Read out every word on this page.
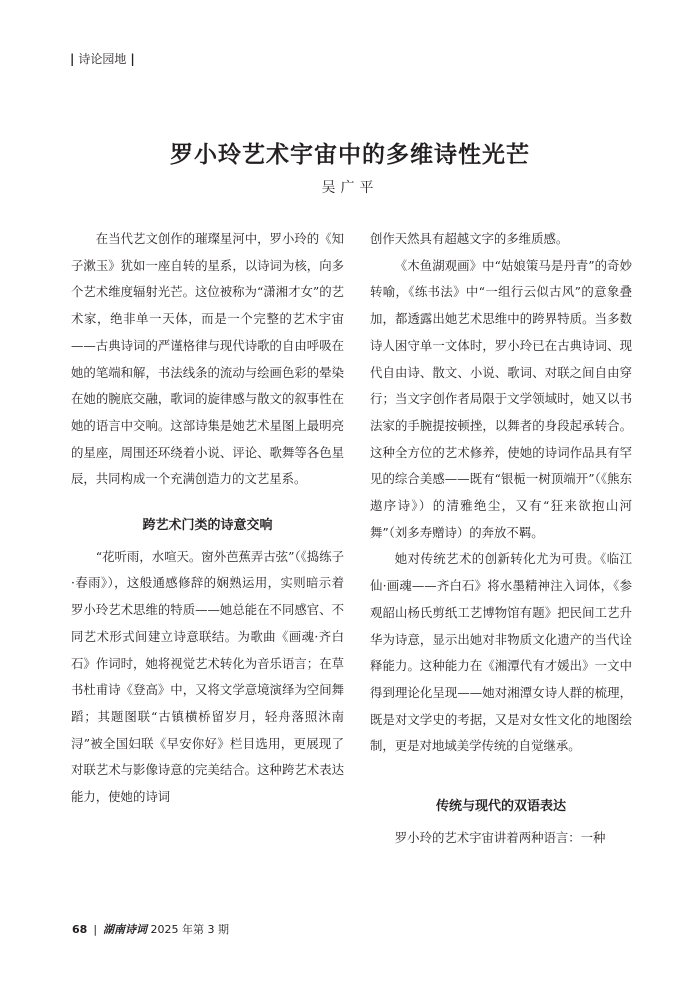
| 诗论园地 |
罗小玲艺术宇宙中的多维诗性光芒
吴广平

在当代艺文创作的璀璨星河中，罗小玲的《知子漱玉》犹如一座自转的星系，以诗词为核，向多个艺术维度辐射光芒。这位被称为“潇湘才女”的艺术家，绝非单一天体，而是一个完整的艺术宇宙——古典诗词的严谨格律与现代诗歌的自由呼吸在她的笔端和解，书法线条的流动与绘画色彩的晕染在她的腕底交融，歌词的旋律感与散文的叙事性在她的语言中交响。这部诗集是她艺术星图上最明亮的星座，周围还环绕着小说、评论、歌舞等各色星辰，共同构成一个充满创造力的文艺星系。

跨艺术门类的诗意交响

“花听雨，水喧天。窗外芭蕉弄古弦”（《捣练子·春雨》），这般通感修辞的娴熟运用，实则暗示着罗小玲艺术思维的特质——她总能在不同感官、不同艺术形式间建立诗意联结。为歌曲《画魂·齐白石》作词时，她将视觉艺术转化为音乐语言；在草书杜甫诗《登高》中，又将文学意境演绎为空间舞蹈；其题图联“古镇横桥留岁月，轻舟落照沐南浔”被全国妇联《早安你好》栏目选用，更展现了对联艺术与影像诗意的完美结合。这种跨艺术表达能力，使她的诗词

创作天然具有超越文字的多维质感。

《木鱼湖观画》中“姑娘策马是丹青”的奇妙转喻，《练书法》中“一组行云似古风”的意象叠加，都透露出她艺术思维中的跨界特质。当多数诗人困守单一文体时，罗小玲已在古典诗词、现代自由诗、散文、小说、歌词、对联之间自由穿行；当文字创作者局限于文学领域时，她又以书法家的手腕提按顿挫，以舞者的身段起承转合。这种全方位的艺术修养，使她的诗词作品具有罕见的综合美感——既有“银栀一树顶端开”（《熊东遨序诗》）的清雅绝尘，又有“狂来欲抱山河舞”（刘多寿赠诗）的奔放不羁。

她对传统艺术的创新转化尤为可贵。《临江仙·画魂——齐白石》将水墨精神注入词体，《参观韶山杨氏剪纸工艺博物馆有题》把民间工艺升华为诗意，显示出她对非物质文化遗产的当代诠释能力。这种能力在《湘潭代有才媛出》一文中得到理论化呈现——她对湘潭女诗人群的梳理，既是对文学史的考据，又是对女性文化的地图绘制，更是对地域美学传统的自觉继承。

传统与现代的双语表达

罗小玲的艺术宇宙讲着两种语言：一种

68 | 湖南诗词 2025 年第 3 期
